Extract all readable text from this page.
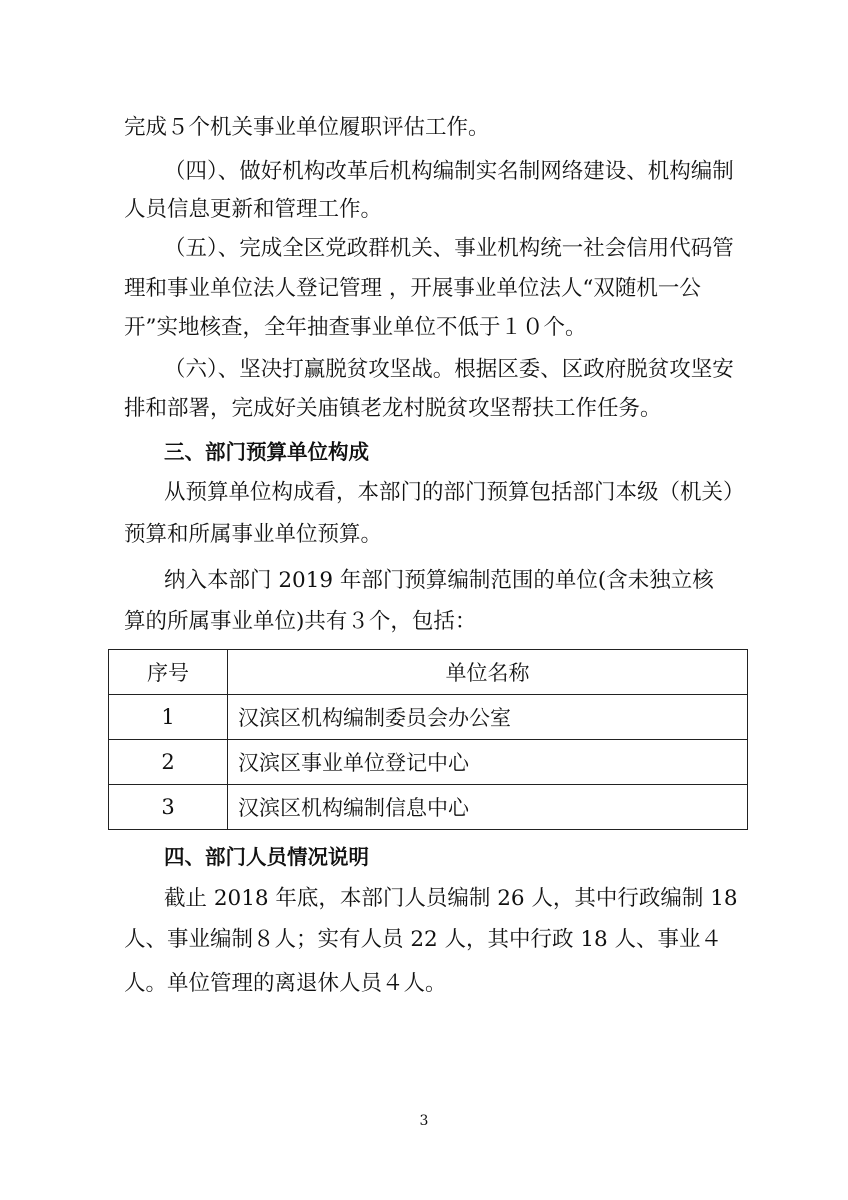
完成５个机关事业单位履职评估工作。
（四）、做好机构改革后机构编制实名制网络建设、机构编制
人员信息更新和管理工作。
（五）、完成全区党政群机关、事业机构统一社会信用代码管
理和事业单位法人登记管理 ，开展事业单位法人“双随机一公
开”实地核查，全年抽查事业单位不低于１０个。
（六）、坚决打赢脱贫攻坚战。根据区委、区政府脱贫攻坚安
排和部署，完成好关庙镇老龙村脱贫攻坚帮扶工作任务。
三、部门预算单位构成
从预算单位构成看，本部门的部门预算包括部门本级（机关）
预算和所属事业单位预算。
纳入本部门 2019 年部门预算编制范围的单位(含未独立核
算的所属事业单位)共有３个，包括：
序号	单位名称
1	汉滨区机构编制委员会办公室
2	汉滨区事业单位登记中心
3	汉滨区机构编制信息中心
四、部门人员情况说明
截止 2018 年底，本部门人员编制 26 人，其中行政编制 18
人、事业编制８人；实有人员 22 人，其中行政 18 人、事业４
人。单位管理的离退休人员４人。
3
